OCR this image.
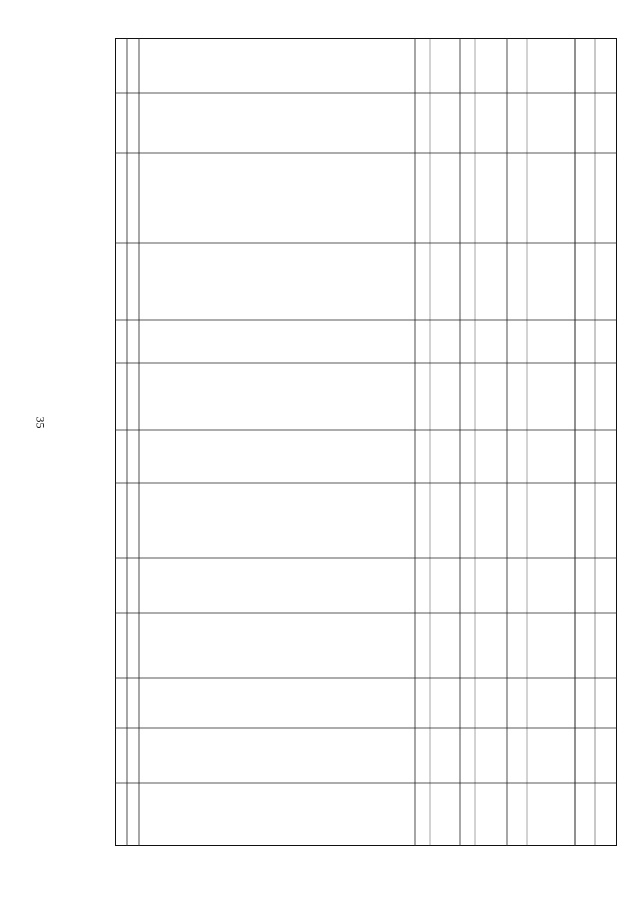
35
